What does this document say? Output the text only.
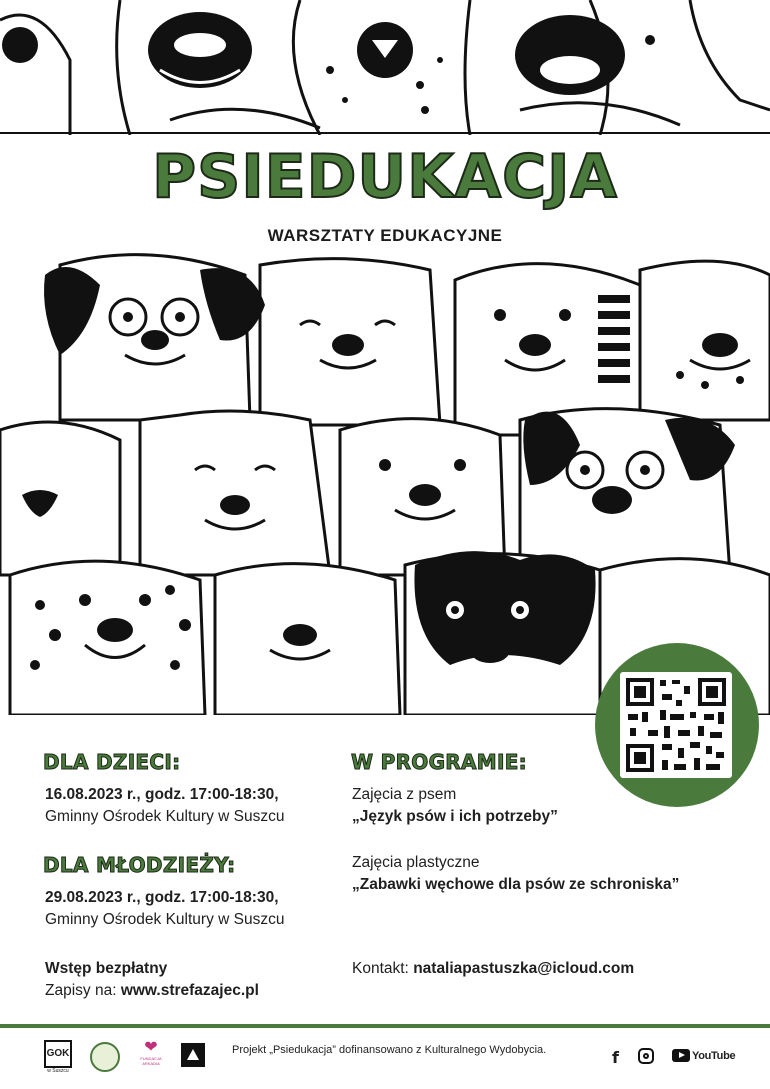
PSIEDUKACJA
WARSZTATY EDUKACYJNE
DLA DZIECI:
16.08.2023 r., godz. 17:00-18:30,
Gminny Ośrodek Kultury w Suszcu
DLA MŁODZIEŻY:
29.08.2023 r., godz. 17:00-18:30,
Gminny Ośrodek Kultury w Suszcu
Wstęp bezpłatny
Zapisy na: www.strefazajec.pl
W PROGRAMIE:
Zajęcia z psem
„Język psów i ich potrzeby”
Zajęcia plastyczne
„Zabawki węchowe dla psów ze schroniska”
Kontakt: nataliapastuszka@icloud.com
GOK
w Suszcu
❤
FUNDACJA ARKADIA
Projekt „Psiedukacja” dofinansowano z Kulturalnego Wydobycia.	f	YouTube
